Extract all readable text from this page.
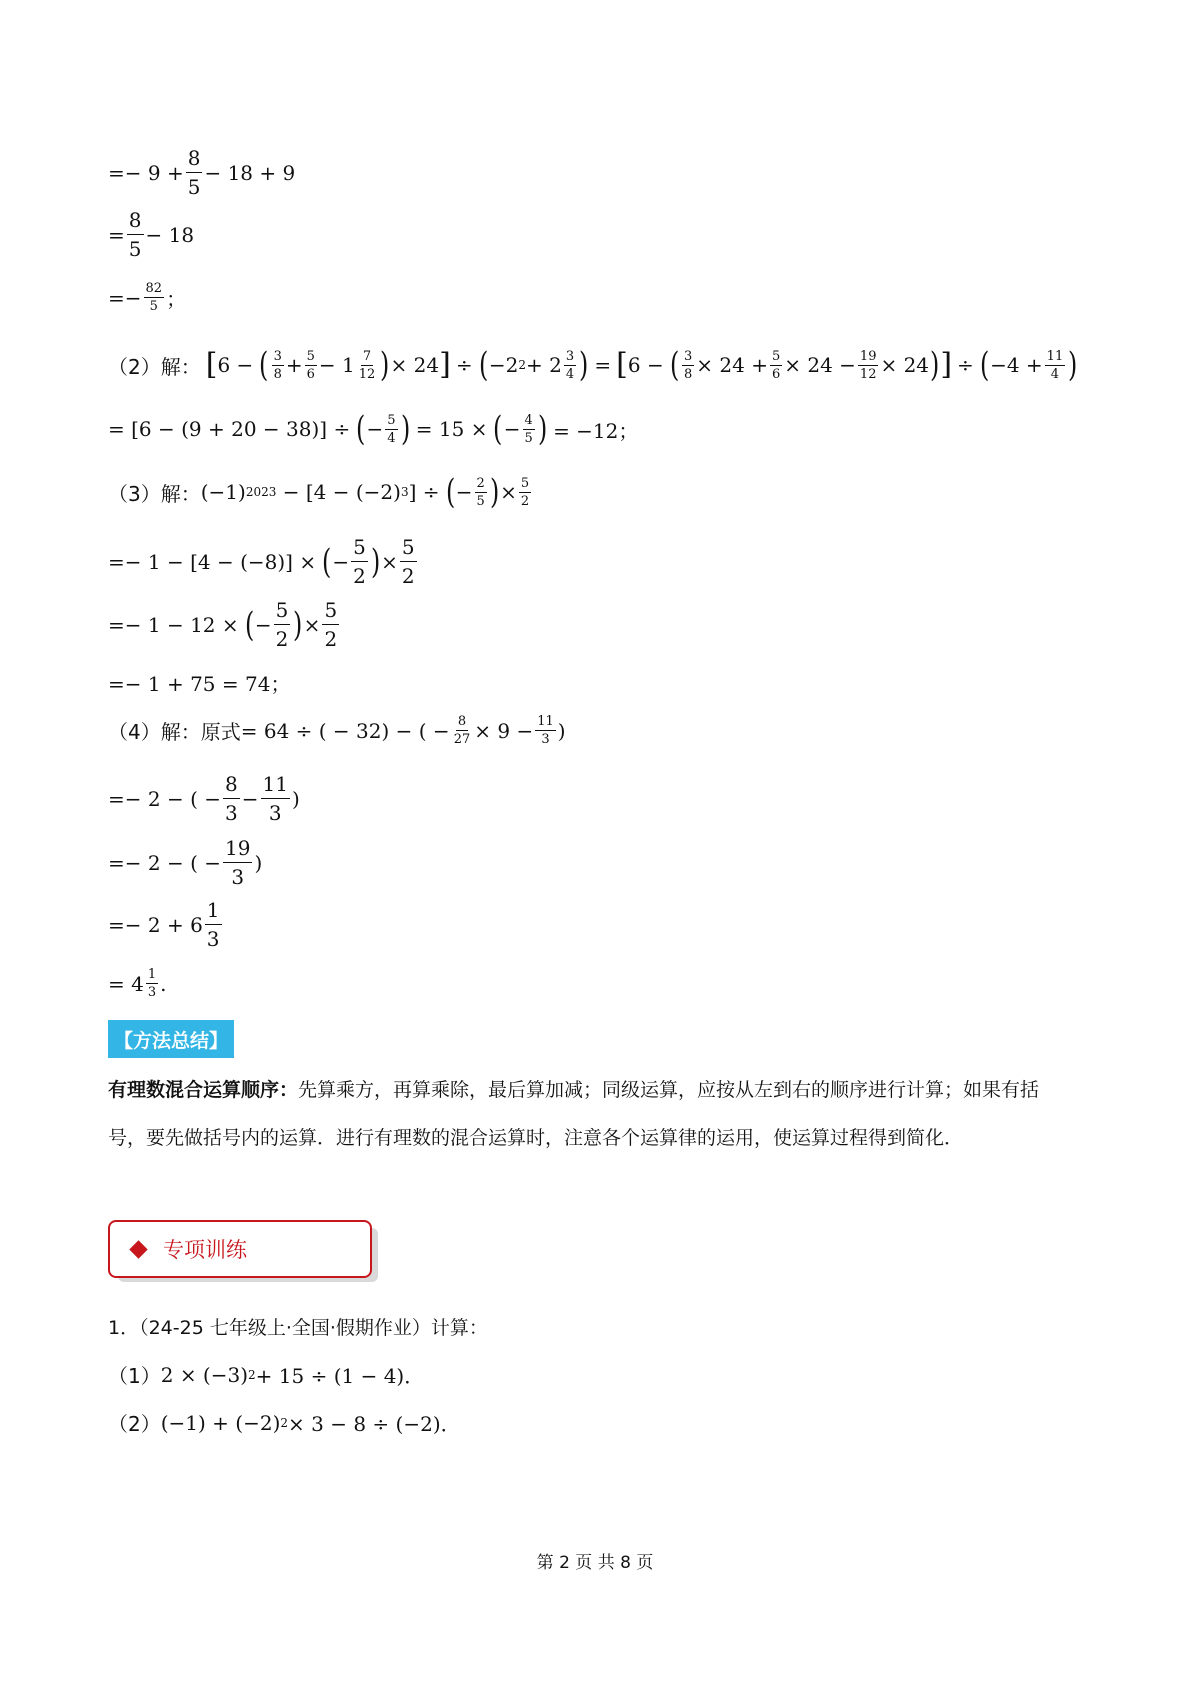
=− $9 + \frac{8}{5} - 18 + 9$
= $\frac{8}{5} - 18$
=− $\frac{82}{5}$ ；
（2）解： [ 6 − ( $\frac{3}{8} + \frac{5}{6} - 1 \frac{7}{12}$ ) × 24 ] ÷ ( −2 $2 + 2 \frac{3}{4}$ ) = [ 6 − ( $\frac{3}{8} \times 24 + \frac{5}{6} \times 24 - \frac{19}{12} \times 24$ ) ] ÷ ( $-4 + \frac{11}{4}$ )
= [6 − (9 + 20 − 38)] ÷ ( − $\frac{5}{4}$ ) = 15 × ( − $\frac{4}{5}$ ) = −12；
（3）解： (−1) 2023 − [4 − (−2) 3 ] ÷ ( − $\frac{2}{5}$ ) × $\frac{5}{2}$
=− 1 − [4 − (−8)] × ( − $\frac{5}{2}$ ) × $\frac{5}{2}$
=− 1 − 12 × ( − $\frac{5}{2}$ ) × $\frac{5}{2}$
=− 1 + 75 = 74；
（4）解：原式 = 64 ÷ ( − 32) − ( − $\frac{8}{27} \times 9 - \frac{11}{3}$ )
=− 2 − ( − $\frac{8}{3} - \frac{11}{3}$ )
=− 2 − ( − $\frac{19}{3}$ )
=− $2 + 6 \frac{1}{3}$
= $4 \frac{1}{3}$ .
【方法总结】
有理数混合运算顺序：先算乘方，再算乘除，最后算加减；同级运算，应按从左到右的顺序进行计算；如果有括号，要先做括号内的运算．进行有理数的混合运算时，注意各个运算律的运用，使运算过程得到简化．
专项训练
1．（24-25 七年级上·全国·假期作业）计算：
（1） 2 × (−3) 2 + 15 ÷ (1 − 4)．
（2） (−1) + (−2) 2 × 3 − 8 ÷ (−2)．
第 2 页 共 8 页
